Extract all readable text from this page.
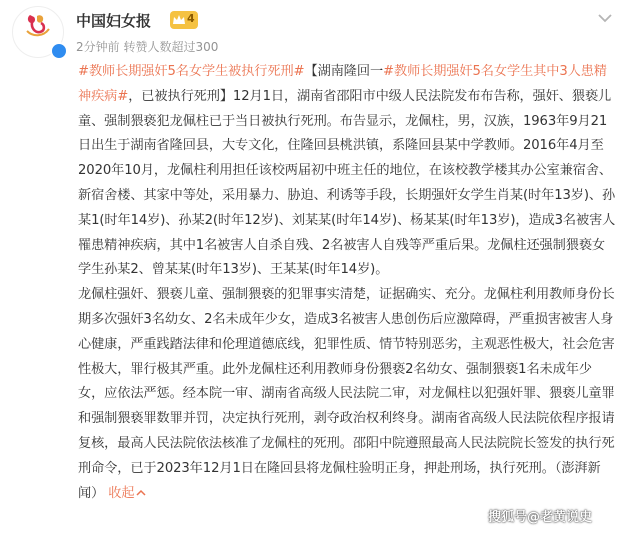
中国妇女报	4
2分钟前 转赞人数超过300

#教师长期强奸5名女学生被执行死刑#【湖南隆回一#教师长期强奸5名女学生其中3人患精神疾病#，已被执行死刑】12月1日，湖南省邵阳市中级人民法院发布布告称，强奸、猥亵儿童、强制猥亵犯龙佩柱已于当日被执行死刑。布告显示，龙佩柱，男，汉族，1963年9月21日出生于湖南省隆回县，大专文化，住隆回县桃洪镇，系隆回县某中学教师。2016年4月至2020年10月，龙佩柱利用担任该校两届初中班主任的地位，在该校教学楼其办公室兼宿舍、新宿舍楼、其家中等处，采用暴力、胁迫、利诱等手段，长期强奸女学生肖某(时年13岁)、孙某1(时年14岁)、孙某2(时年12岁)、刘某某(时年14岁)、杨某某(时年13岁)，造成3名被害人罹患精神疾病，其中1名被害人自杀自残、2名被害人自残等严重后果。龙佩柱还强制猥亵女学生孙某2、曾某某(时年13岁)、王某某(时年14岁)。

龙佩柱强奸、猥亵儿童、强制猥亵的犯罪事实清楚，证据确实、充分。龙佩柱利用教师身份长期多次强奸3名幼女、2名未成年少女，造成3名被害人患创伤后应激障碍，严重损害被害人身心健康，严重践踏法律和伦理道德底线，犯罪性质、情节特别恶劣，主观恶性极大，社会危害性极大，罪行极其严重。此外龙佩柱还利用教师身份猥亵2名幼女、强制猥亵1名未成年少女，应依法严惩。经本院一审、湖南省高级人民法院二审，对龙佩柱以犯强奸罪、猥亵儿童罪和强制猥亵罪数罪并罚，决定执行死刑，剥夺政治权利终身。湖南省高级人民法院依程序报请复核，最高人民法院依法核准了龙佩柱的死刑。邵阳中院遵照最高人民法院院长签发的执行死刑命令，已于2023年12月1日在隆回县将龙佩柱验明正身，押赴刑场，执行死刑。（澎湃新闻） 收起

搜狐号@老黄说史
